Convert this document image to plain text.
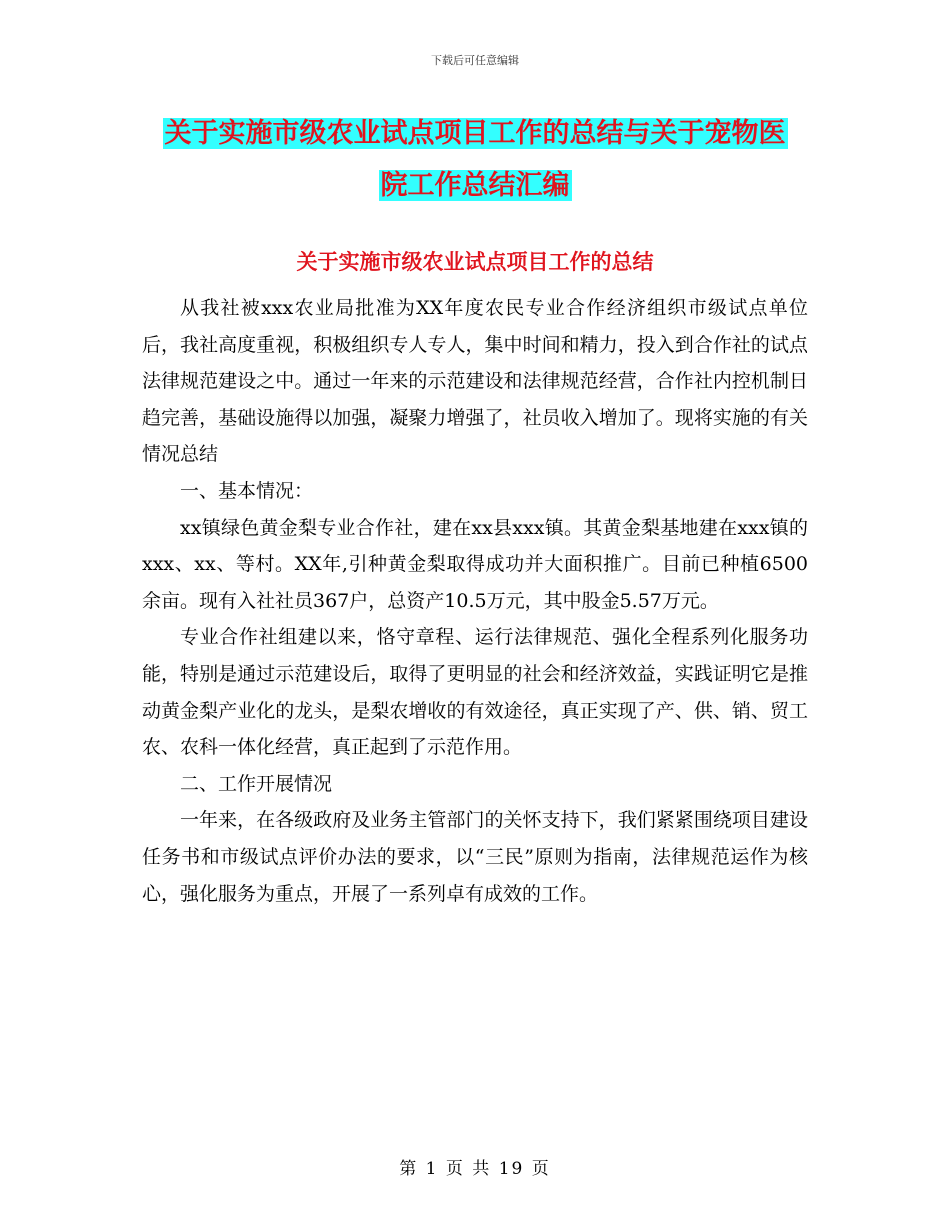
下载后可任意编辑
关于实施市级农业试点项目工作的总结与关于宠物医
院工作总结汇编
关于实施市级农业试点项目工作的总结

从我社被xxx农业局批准为XX年度农民专业合作经济组织市级试点单位后，我社高度重视，积极组织专人专人，集中时间和精力，投入到合作社的试点法律规范建设之中。通过一年来的示范建设和法律规范经营，合作社内控机制日趋完善，基础设施得以加强，凝聚力增强了，社员收入增加了。现将实施的有关情况总结

一、基本情况：

xx镇绿色黄金梨专业合作社，建在xx县xxx镇。其黄金梨基地建在xxx镇的xxx、xx、等村。XX年,引种黄金梨取得成功并大面积推广。目前已种植6500余亩。现有入社社员367户，总资产10.5万元，其中股金5.57万元。

专业合作社组建以来，恪守章程、运行法律规范、强化全程系列化服务功能，特别是通过示范建设后，取得了更明显的社会和经济效益，实践证明它是推动黄金梨产业化的龙头，是梨农增收的有效途径，真正实现了产、供、销、贸工农、农科一体化经营，真正起到了示范作用。

二、工作开展情况

一年来，在各级政府及业务主管部门的关怀支持下，我们紧紧围绕项目建设任务书和市级试点评价办法的要求，以“三民”原则为指南，法律规范运作为核心，强化服务为重点，开展了一系列卓有成效的工作。

第 1 页 共 19 页
